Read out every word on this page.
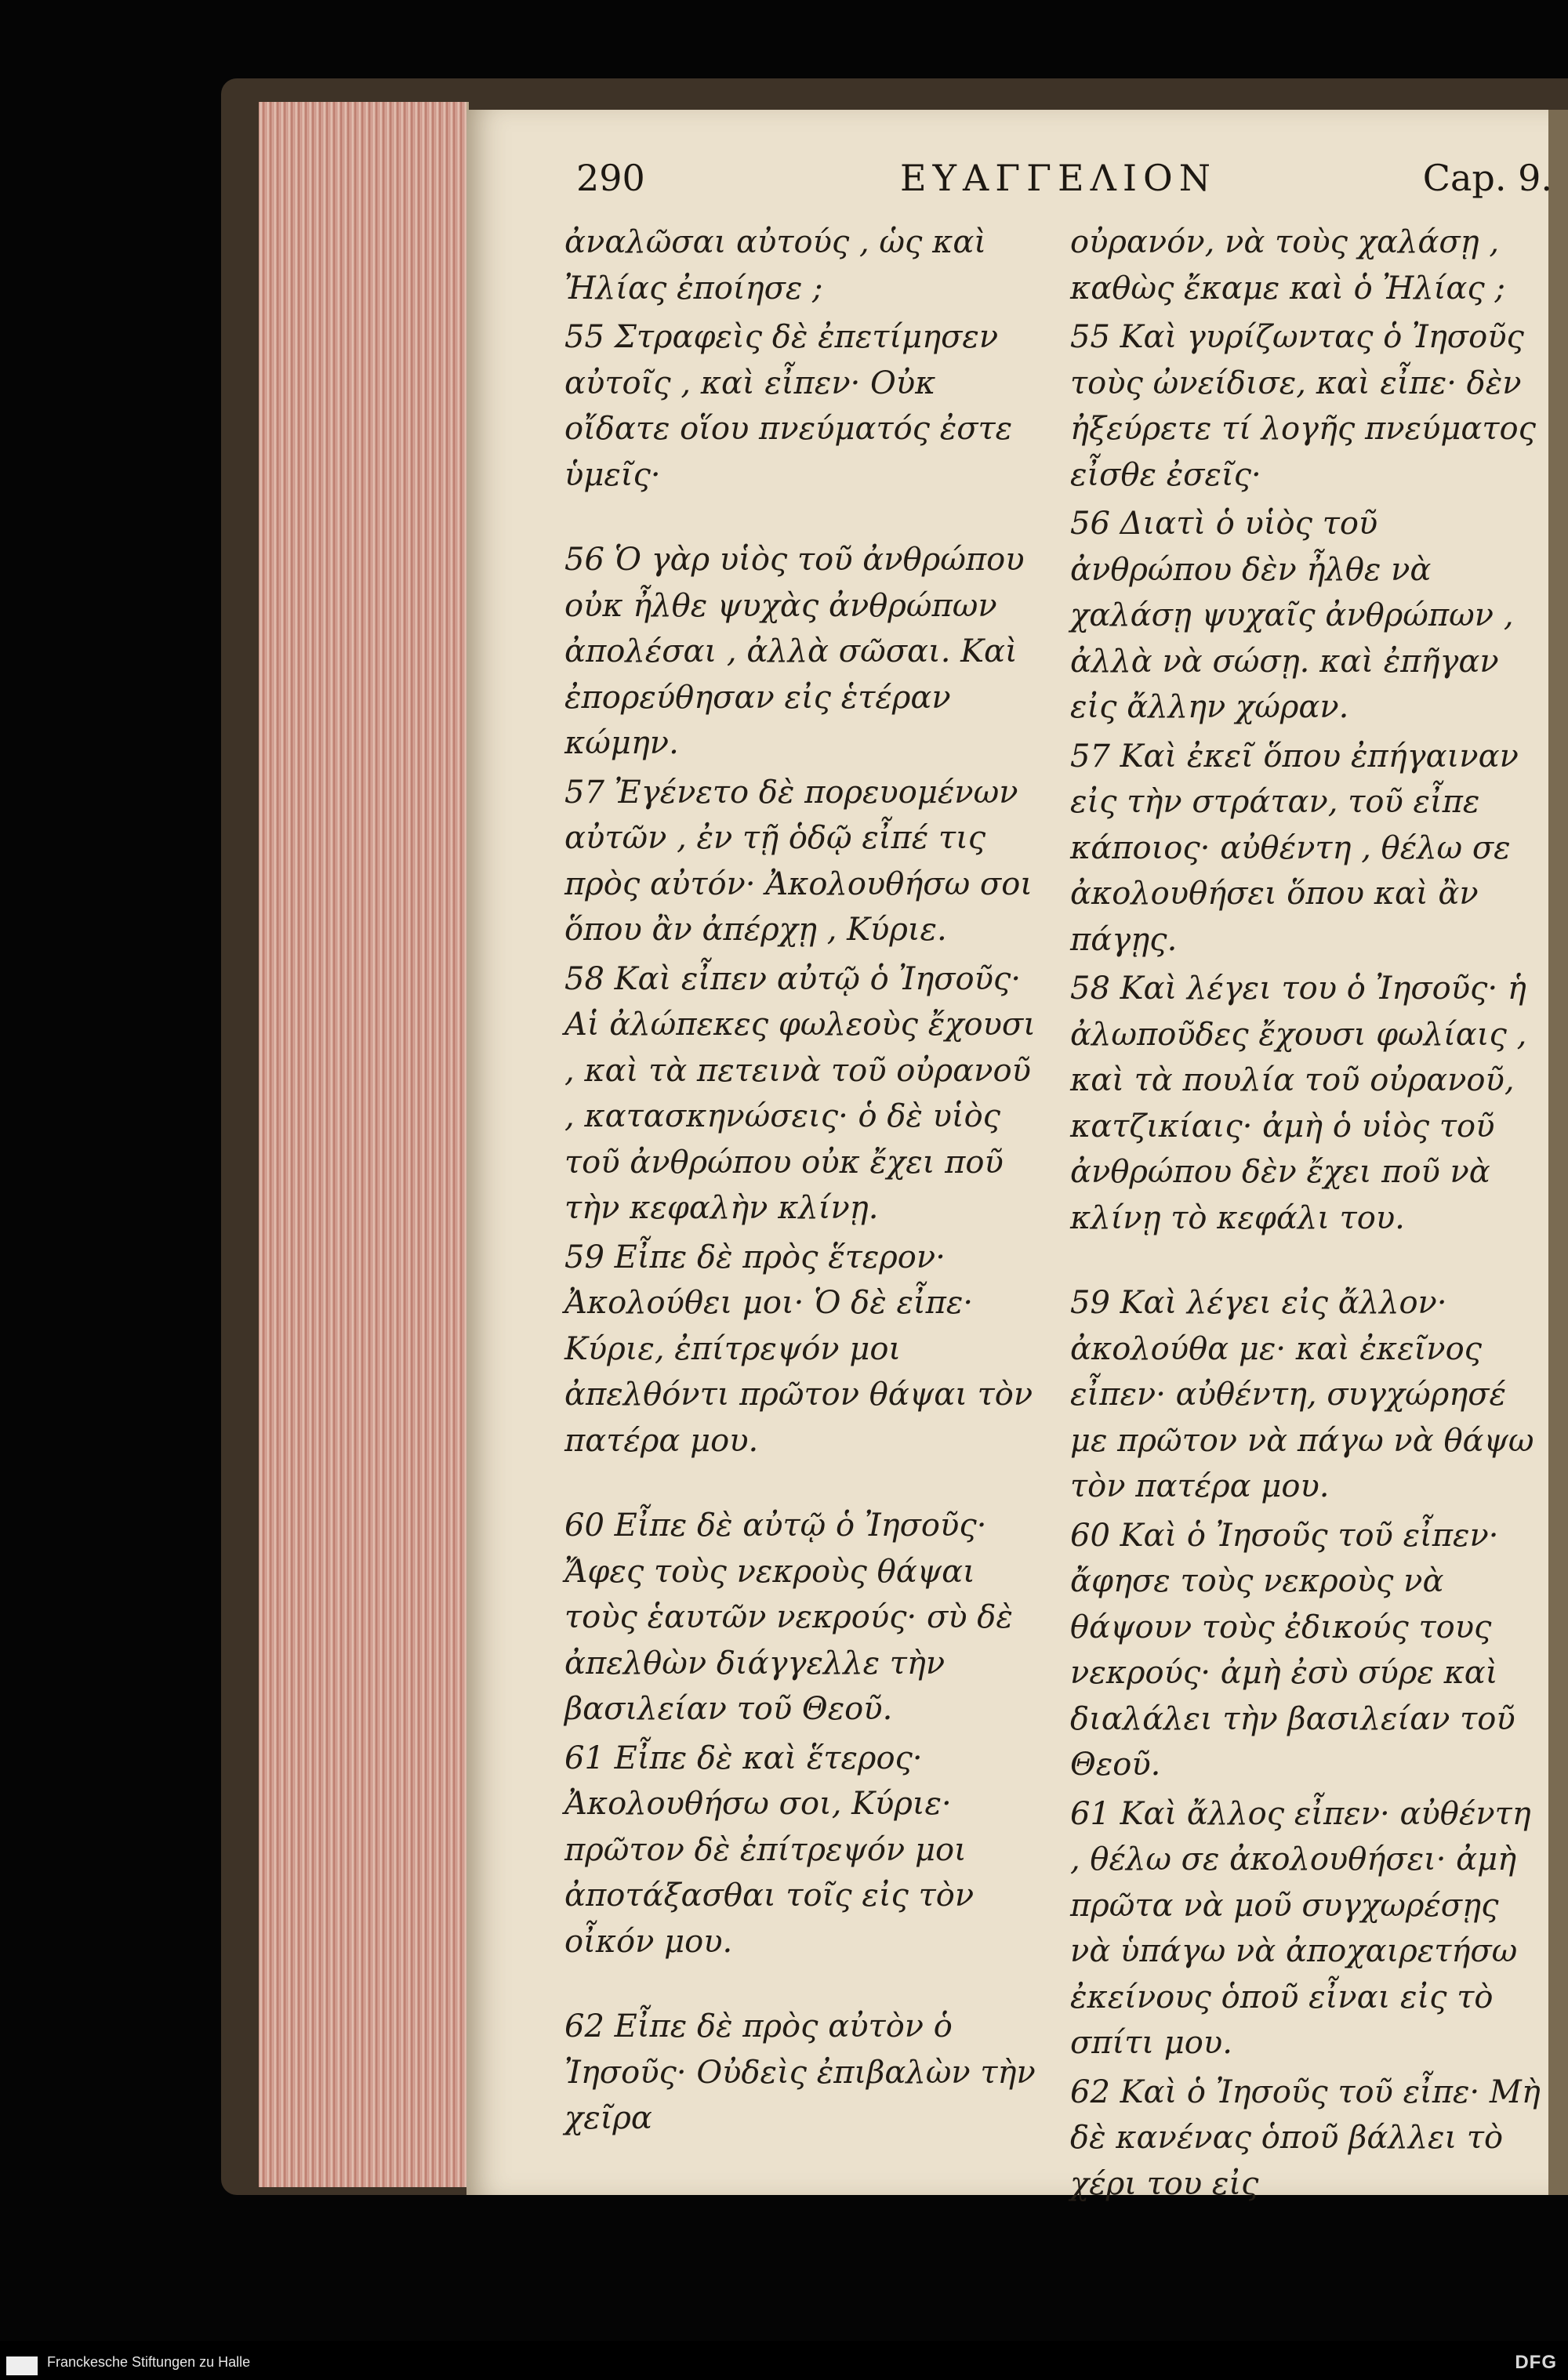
290	ΕΥΑΓΓΕΛΙΟΝ	Cap. 9.

ἀναλῶσαι αὐτούς , ὡς καὶ Ἠλίας ἐποίησε ;

55 Στραφεὶς δὲ ἐπετίμησεν αὐτοῖς , καὶ εἶπεν· Οὐκ οἴδατε οἵου πνεύματός ἐστε ὑμεῖς·

56 Ὁ γὰρ υἱὸς τοῦ ἀνθρώπου οὐκ ἦλθε ψυχὰς ἀνθρώπων ἀπολέσαι , ἀλλὰ σῶσαι. Καὶ ἐπορεύθησαν εἰς ἑτέραν κώμην.

57 Ἐγένετο δὲ πορευομένων αὐτῶν , ἐν τῇ ὁδῷ εἶπέ τις πρὸς αὐτόν· Ἀκολουθήσω σοι ὅπου ἂν ἀπέρχῃ , Κύριε.

58 Καὶ εἶπεν αὐτῷ ὁ Ἰησοῦς· Αἱ ἀλώπεκες φωλεοὺς ἔχουσι , καὶ τὰ πετεινὰ τοῦ οὐρανοῦ , κατασκηνώσεις· ὁ δὲ υἱὸς τοῦ ἀνθρώπου οὐκ ἔχει ποῦ τὴν κεφαλὴν κλίνῃ.

59 Εἶπε δὲ πρὸς ἕτερον· Ἀκολούθει μοι· Ὁ δὲ εἶπε· Κύριε, ἐπίτρεψόν μοι ἀπελθόντι πρῶτον θάψαι τὸν πατέρα μου.

60 Εἶπε δὲ αὐτῷ ὁ Ἰησοῦς· Ἄφες τοὺς νεκροὺς θάψαι τοὺς ἑαυτῶν νεκρούς· σὺ δὲ ἀπελθὼν διάγγελλε τὴν βασιλείαν τοῦ Θεοῦ.

61 Εἶπε δὲ καὶ ἕτερος· Ἀκολουθήσω σοι, Κύριε· πρῶτον δὲ ἐπίτρεψόν μοι ἀποτάξασθαι τοῖς εἰς τὸν οἶκόν μου.

62 Εἶπε δὲ πρὸς αὐτὸν ὁ Ἰησοῦς· Οὐδεὶς ἐπιβαλὼν τὴν χεῖρα

οὐρανόν, νὰ τοὺς χαλάσῃ , καθὼς ἔκαμε καὶ ὁ Ἠλίας ;

55 Καὶ γυρίζωντας ὁ Ἰησοῦς τοὺς ὠνείδισε, καὶ εἶπε· δὲν ἠξεύρετε τί λογῆς πνεύματος εἶσθε ἐσεῖς·

56 Διατὶ ὁ υἱὸς τοῦ ἀνθρώπου δὲν ἦλθε νὰ χαλάσῃ ψυχαῖς ἀνθρώπων , ἀλλὰ νὰ σώσῃ. καὶ ἐπῆγαν εἰς ἄλλην χώραν.

57 Καὶ ἐκεῖ ὅπου ἐπήγαιναν εἰς τὴν στράταν, τοῦ εἶπε κάποιος· αὐθέντη , θέλω σε ἀκολουθήσει ὅπου καὶ ἂν πάγῃς.

58 Καὶ λέγει του ὁ Ἰησοῦς· ἡ ἀλωποῦδες ἔχουσι φωλίαις , καὶ τὰ πουλία τοῦ οὐρανοῦ, κατζικίαις· ἀμὴ ὁ υἱὸς τοῦ ἀνθρώπου δὲν ἔχει ποῦ νὰ κλίνῃ τὸ κεφάλι του.

59 Καὶ λέγει εἰς ἄλλον· ἀκολούθα με· καὶ ἐκεῖνος εἶπεν· αὐθέντη, συγχώρησέ με πρῶτον νὰ πάγω νὰ θάψω τὸν πατέρα μου.

60 Καὶ ὁ Ἰησοῦς τοῦ εἶπεν· ἄφησε τοὺς νεκροὺς νὰ θάψουν τοὺς ἐδικούς τους νεκρούς· ἀμὴ ἐσὺ σύρε καὶ διαλάλει τὴν βασιλείαν τοῦ Θεοῦ.

61 Καὶ ἄλλος εἶπεν· αὐθέντη , θέλω σε ἀκολουθήσει· ἀμὴ πρῶτα νὰ μοῦ συγχωρέσῃς νὰ ὑπάγω νὰ ἀποχαιρετήσω ἐκείνους ὁποῦ εἶναι εἰς τὸ σπίτι μου.

62 Καὶ ὁ Ἰησοῦς τοῦ εἶπε· Μὴ δὲ κανένας ὁποῦ βάλλει τὸ χέρι του εἰς

Franckesche Stiftungen zu Halle	DFG
